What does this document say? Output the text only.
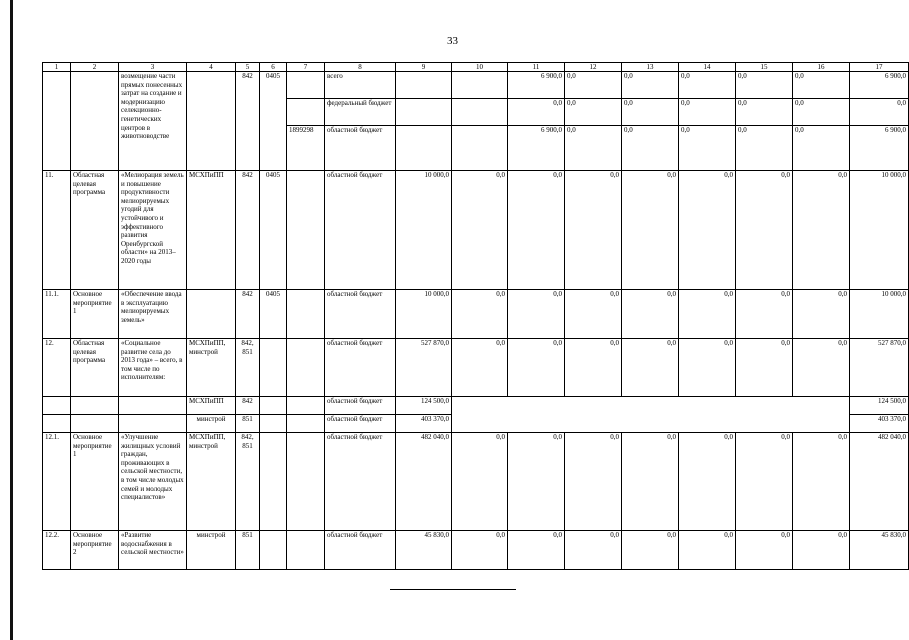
33
1	2	3	4	5	6	7	8	9	10	11	12	13	14	15	16	17
		возмещение части прямых понесенных затрат на создание и модернизацию селекционно-генетических центров в животноводстве		842	0405		всего			6 900,0	0,0	0,0	0,0	0,0	0,0	6 900,0
							федеральный бюджет			0,0	0,0	0,0	0,0	0,0	0,0	0,0
						1899298	областной бюджет			6 900,0	0,0	0,0	0,0	0,0	0,0	6 900,0
11.	Областная целевая программа	«Мелиорация земель и повышение продуктивности мелиорируемых угодий для устойчивого и эффективного развития Оренбургской области» на 2013–2020 годы	МСХПиПП	842	0405		областной бюджет	10 000,0	0,0	0,0	0,0	0,0	0,0	0,0	0,0	10 000,0
11.1.	Основное мероприятие 1	«Обеспечение ввода в эксплуатацию мелиорируемых земель»		842	0405		областной бюджет	10 000,0	0,0	0,0	0,0	0,0	0,0	0,0	0,0	10 000,0
12.	Областная целевая программа	«Социальное развитие села до 2013 года» – всего, в том числе по исполнителям:	МСХПиПП, минстрой	842, 851			областной бюджет	527 870,0	0,0	0,0	0,0	0,0	0,0	0,0	0,0	527 870,0
			МСХПиПП	842			областной бюджет	124 500,0								124 500,0
			минстрой	851			областной бюджет	403 370,0								403 370,0
12.1.	Основное мероприятие 1	«Улучшение жилищных условий граждан, проживающих в сельской местности, в том числе молодых семей и молодых специалистов»	МСХПиПП, минстрой	842, 851			областной бюджет	482 040,0	0,0	0,0	0,0	0,0	0,0	0,0	0,0	482 040,0
12.2.	Основное мероприятие 2	«Развитие водоснабжения в сельской местности»	минстрой	851			областной бюджет	45 830,0	0,0	0,0	0,0	0,0	0,0	0,0	0,0	45 830,0
